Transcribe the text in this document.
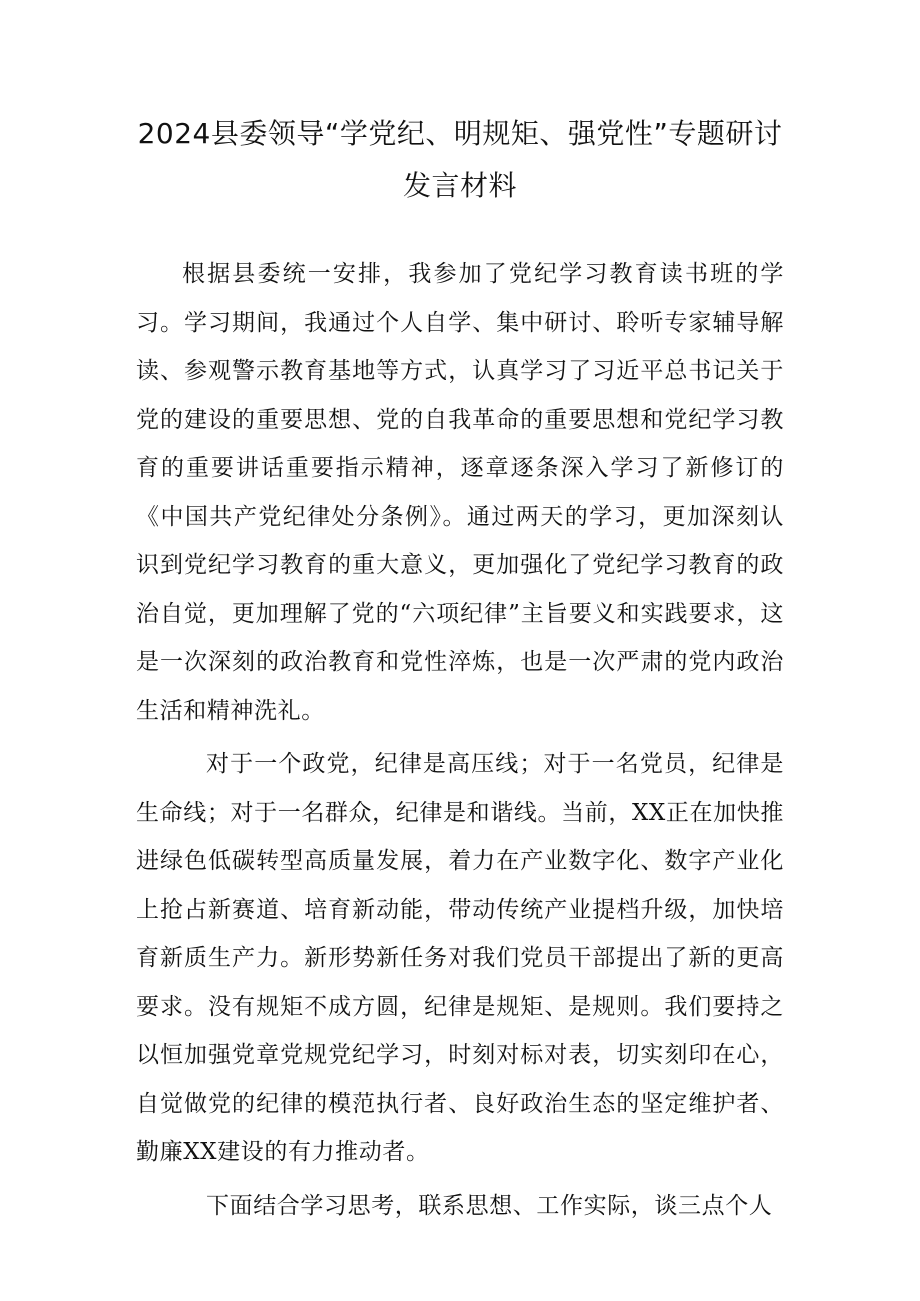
2024县委领导“学党纪、明规矩、强党性”专题研讨发言材料

根据县委统一安排，我参加了党纪学习教育读书班的学习。学习期间，我通过个人自学、集中研讨、聆听专家辅导解读、参观警示教育基地等方式，认真学习了习近平总书记关于党的建设的重要思想、党的自我革命的重要思想和党纪学习教育的重要讲话重要指示精神，逐章逐条深入学习了新修订的《中国共产党纪律处分条例》。通过两天的学习，更加深刻认识到党纪学习教育的重大意义，更加强化了党纪学习教育的政治自觉，更加理解了党的“六项纪律”主旨要义和实践要求，这是一次深刻的政治教育和党性淬炼，也是一次严肃的党内政治生活和精神洗礼。

对于一个政党，纪律是高压线；对于一名党员，纪律是生命线；对于一名群众，纪律是和谐线。当前，XX正在加快推进绿色低碳转型高质量发展，着力在产业数字化、数字产业化上抢占新赛道、培育新动能，带动传统产业提档升级，加快培育新质生产力。新形势新任务对我们党员干部提出了新的更高要求。没有规矩不成方圆，纪律是规矩、是规则。我们要持之以恒加强党章党规党纪学习，时刻对标对表，切实刻印在心，自觉做党的纪律的模范执行者、良好政治生态的坚定维护者、勤廉XX建设的有力推动者。

下面结合学习思考，联系思想、工作实际，谈三点个人
